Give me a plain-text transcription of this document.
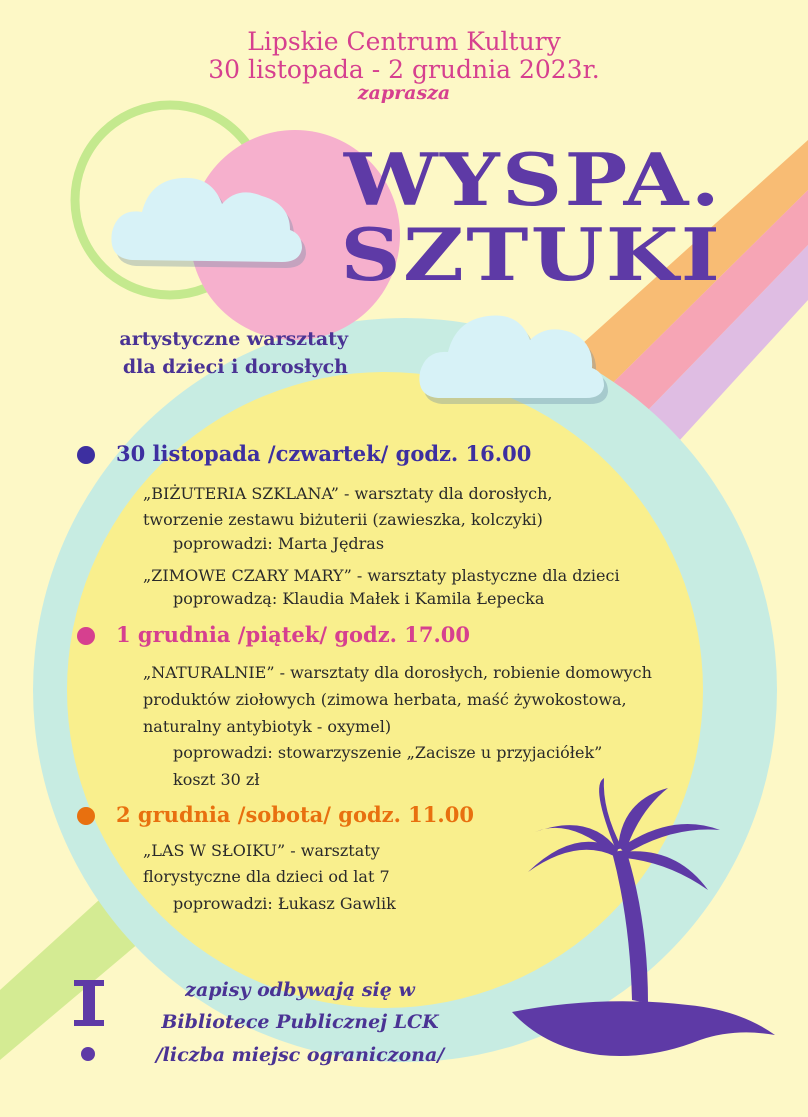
Lipskie Centrum Kultury

30 listopada - 2 grudnia 2023r.

zaprasza

WYSPA.

SZTUKI

artystyczne warsztaty

dla dzieci i dorosłych

30 listopada /czwartek/ godz. 16.00

„BIŻUTERIA SZKLANA” - warsztaty dla dorosłych,

tworzenie zestawu biżuterii (zawieszka, kolczyki)

poprowadzi: Marta Jędras

„ZIMOWE CZARY MARY” - warsztaty plastyczne dla dzieci

poprowadzą: Klaudia Małek i Kamila Łepecka

1 grudnia /piątek/ godz. 17.00

„NATURALNIE” - warsztaty dla dorosłych, robienie domowych

produktów ziołowych (zimowa herbata, maść żywokostowa,

naturalny antybiotyk - oxymel)

poprowadzi: stowarzyszenie „Zacisze u przyjaciółek”

koszt 30 zł

2 grudnia /sobota/ godz. 11.00

„LAS W SŁOIKU” - warsztaty

florystyczne dla dzieci od lat 7

poprowadzi: Łukasz Gawlik

zapisy odbywają się w

Bibliotece Publicznej LCK

/liczba miejsc ograniczona/
